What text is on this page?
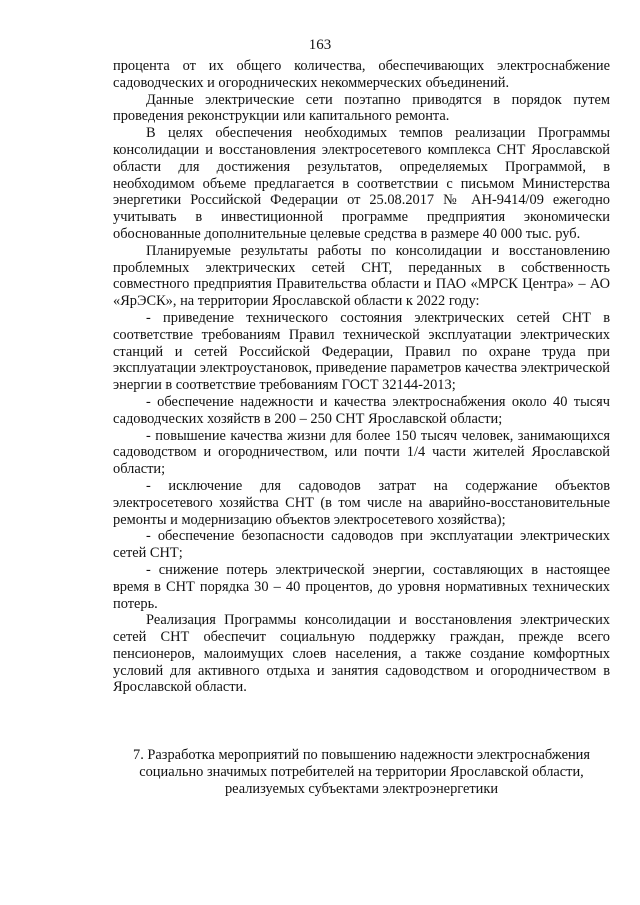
163

процента от их общего количества, обеспечивающих электроснабжение садоводческих и огороднических некоммерческих объединений.

Данные электрические сети поэтапно приводятся в порядок путем проведения реконструкции или капитального ремонта.

В целях обеспечения необходимых темпов реализации Программы консолидации и восстановления электросетевого комплекса СНТ Ярославской области для достижения результатов, определяемых Программой, в необходимом объеме предлагается в соответствии с письмом Министерства энергетики Российской Федерации от 25.08.2017 № АН-9414/09 ежегодно учитывать в инвестиционной программе предприятия экономически обоснованные дополнительные целевые средства в размере 40 000 тыс. руб.

Планируемые результаты работы по консолидации и восстановлению проблемных электрических сетей СНТ, переданных в собственность совместного предприятия Правительства области и ПАО «МРСК Центра» – АО «ЯрЭСК», на территории Ярославской области к 2022 году:

- приведение технического состояния электрических сетей СНТ в соответствие требованиям Правил технической эксплуатации электрических станций и сетей Российской Федерации, Правил по охране труда при эксплуатации электроустановок, приведение параметров качества электрической энергии в соответствие требованиям ГОСТ 32144-2013;

- обеспечение надежности и качества электроснабжения около 40 тысяч садоводческих хозяйств в 200 – 250 СНТ Ярославской области;

- повышение качества жизни для более 150 тысяч человек, занимающихся садоводством и огородничеством, или почти 1/4 части жителей Ярославской области;

- исключение для садоводов затрат на содержание объектов электросетевого хозяйства СНТ (в том числе на аварийно-восстановительные ремонты и модернизацию объектов электросетевого хозяйства);

- обеспечение безопасности садоводов при эксплуатации электрических сетей СНТ;

- снижение потерь электрической энергии, составляющих в настоящее время в СНТ порядка 30 – 40 процентов, до уровня нормативных технических потерь.

Реализация Программы консолидации и восстановления электрических сетей СНТ обеспечит социальную поддержку граждан, прежде всего пенсионеров, малоимущих слоев населения, а также создание комфортных условий для активного отдыха и занятия садоводством и огородничеством в Ярославской области.

7. Разработка мероприятий по повышению надежности электроснабжения социально значимых потребителей на территории Ярославской области, реализуемых субъектами электроэнергетики
